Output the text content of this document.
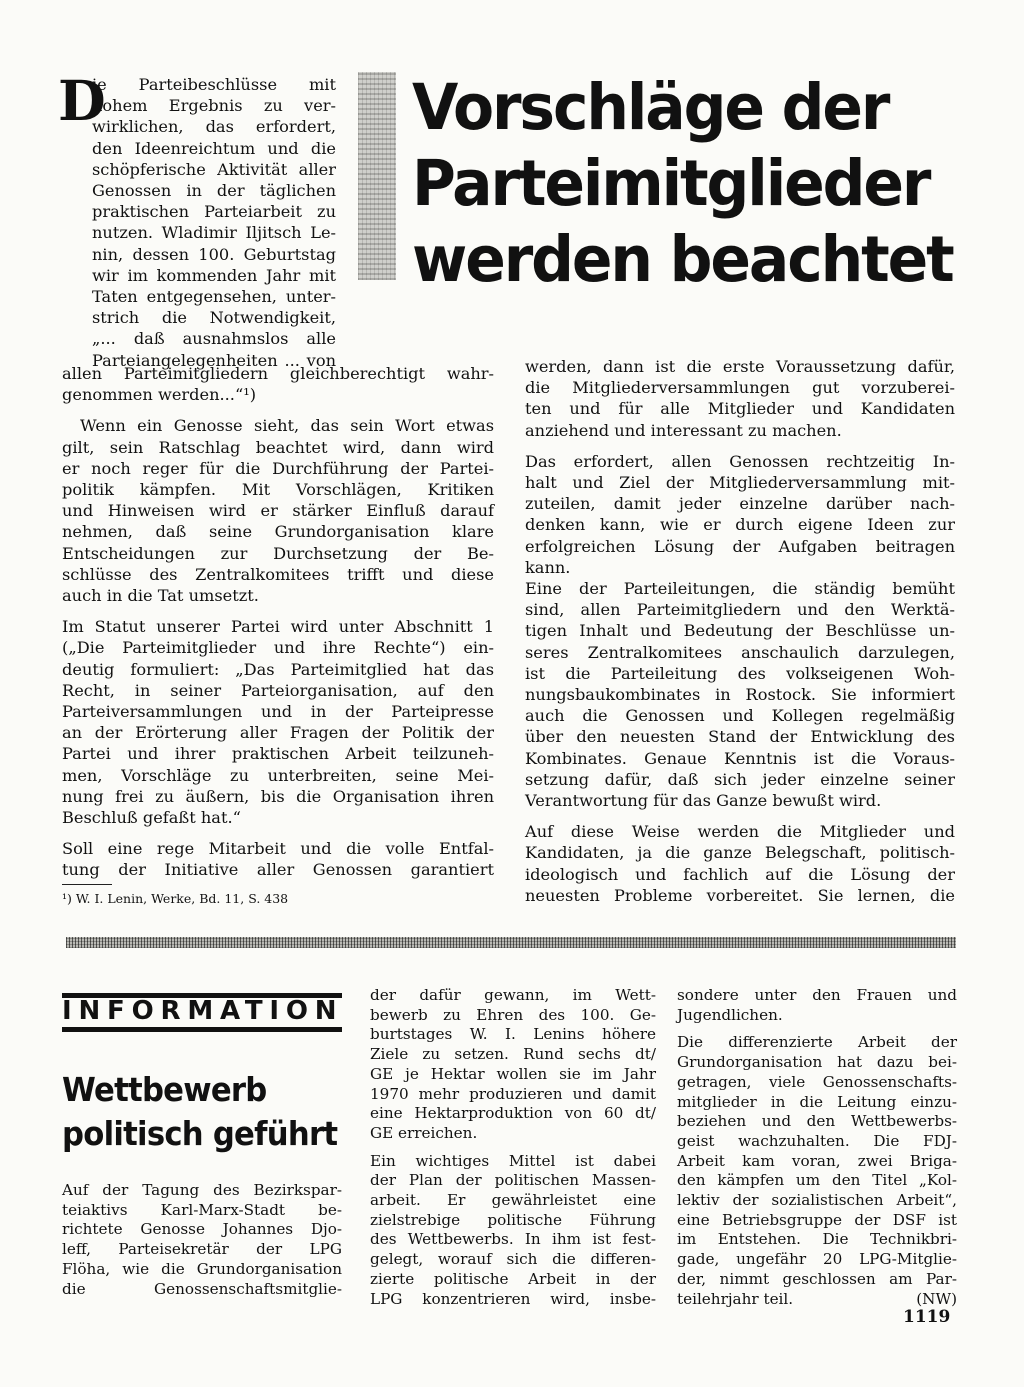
Vorschläge der
Parteimitglieder
werden beachtet
D
ie Parteibeschlüsse mit
hohem Ergebnis zu ver-
wirklichen, das erfordert,
den Ideenreichtum und die
schöpferische Aktivität aller
Genossen in der täglichen
praktischen Parteiarbeit zu
nutzen. Wladimir Iljitsch Le-
nin, dessen 100. Geburtstag
wir im kommenden Jahr mit
Taten entgegensehen, unter-
strich die Notwendigkeit,
„... daß ausnahmslos alle
Parteiangelegenheiten ... von
allen Parteimitgliedern gleichberechtigt wahr-
genommen werden...“¹)
Wenn ein Genosse sieht, das sein Wort etwas
gilt, sein Ratschlag beachtet wird, dann wird
er noch reger für die Durchführung der Partei-
politik kämpfen. Mit Vorschlägen, Kritiken
und Hinweisen wird er stärker Einfluß darauf
nehmen, daß seine Grundorganisation klare
Entscheidungen zur Durchsetzung der Be-
schlüsse des Zentralkomitees trifft und diese
auch in die Tat umsetzt.
Im Statut unserer Partei wird unter Abschnitt 1
(„Die Parteimitglieder und ihre Rechte“) ein-
deutig formuliert: „Das Parteimitglied hat das
Recht, in seiner Parteiorganisation, auf den
Parteiversammlungen und in der Parteipresse
an der Erörterung aller Fragen der Politik der
Partei und ihrer praktischen Arbeit teilzuneh-
men, Vorschläge zu unterbreiten, seine Mei-
nung frei zu äußern, bis die Organisation ihren
Beschluß gefaßt hat.“
Soll eine rege Mitarbeit und die volle Entfal-
tung der Initiative aller Genossen garantiert
¹) W. I. Lenin, Werke, Bd. 11, S. 438
werden, dann ist die erste Voraussetzung dafür,
die Mitgliederversammlungen gut vorzuberei-
ten und für alle Mitglieder und Kandidaten
anziehend und interessant zu machen.
Das erfordert, allen Genossen rechtzeitig In-
halt und Ziel der Mitgliederversammlung mit-
zuteilen, damit jeder einzelne darüber nach-
denken kann, wie er durch eigene Ideen zur
erfolgreichen Lösung der Aufgaben beitragen
kann.
Eine der Parteileitungen, die ständig bemüht
sind, allen Parteimitgliedern und den Werktä-
tigen Inhalt und Bedeutung der Beschlüsse un-
seres Zentralkomitees anschaulich darzulegen,
ist die Parteileitung des volkseigenen Woh-
nungsbaukombinates in Rostock. Sie informiert
auch die Genossen und Kollegen regelmäßig
über den neuesten Stand der Entwicklung des
Kombinates. Genaue Kenntnis ist die Voraus-
setzung dafür, daß sich jeder einzelne seiner
Verantwortung für das Ganze bewußt wird.
Auf diese Weise werden die Mitglieder und
Kandidaten, ja die ganze Belegschaft, politisch-
ideologisch und fachlich auf die Lösung der
neuesten Probleme vorbereitet. Sie lernen, die
INFORMATION
Wettbewerb
politisch geführt
Auf der Tagung des Bezirkspar-
teiaktivs Karl-Marx-Stadt be-
richtete Genosse Johannes Djo-
leff, Parteisekretär der LPG
Flöha, wie die Grundorganisation
die Genossenschaftsmitglie-
der dafür gewann, im Wett-
bewerb zu Ehren des 100. Ge-
burtstages W. I. Lenins höhere
Ziele zu setzen. Rund sechs dt/
GE je Hektar wollen sie im Jahr
1970 mehr produzieren und damit
eine Hektarproduktion von 60 dt/
GE erreichen.
Ein wichtiges Mittel ist dabei
der Plan der politischen Massen-
arbeit. Er gewährleistet eine
zielstrebige politische Führung
des Wettbewerbs. In ihm ist fest-
gelegt, worauf sich die differen-
zierte politische Arbeit in der
LPG konzentrieren wird, insbe-
sondere unter den Frauen und
Jugendlichen.
Die differenzierte Arbeit der
Grundorganisation hat dazu bei-
getragen, viele Genossenschafts-
mitglieder in die Leitung einzu-
beziehen und den Wettbewerbs-
geist wachzuhalten. Die FDJ-
Arbeit kam voran, zwei Briga-
den kämpfen um den Titel „Kol-
lektiv der sozialistischen Arbeit“,
eine Betriebsgruppe der DSF ist
im Entstehen. Die Technikbri-
gade, ungefähr 20 LPG-Mitglie-
der, nimmt geschlossen am Par-
teilehrjahr teil.	(NW)
1119
